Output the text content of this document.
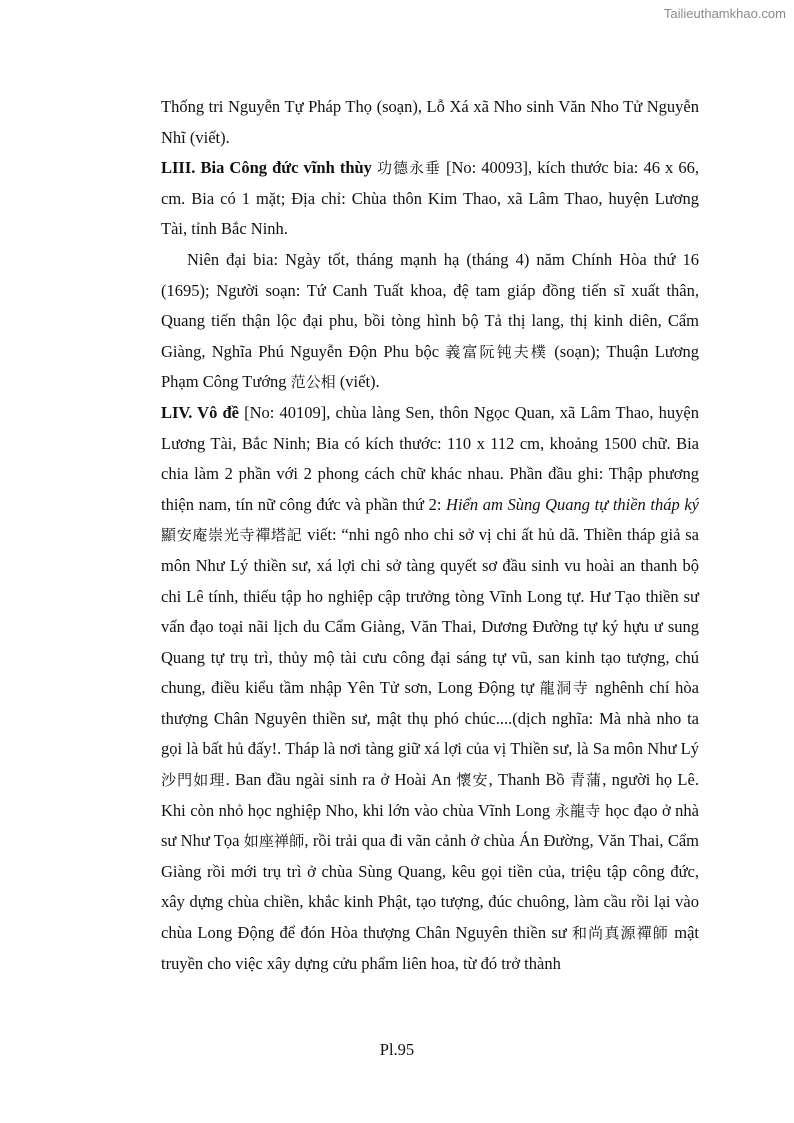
Tailieuthamkhao.com

Thống tri Nguyễn Tự Pháp Thọ (soạn), Lỗ Xá xã Nho sinh Văn Nho Tử Nguyễn Nhĩ (viết).

LIII. Bia Công đức vĩnh thùy 功德永垂 [No: 40093], kích thước bia: 46 x 66, cm. Bia có 1 mặt; Địa chỉ: Chùa thôn Kim Thao, xã Lâm Thao, huyện Lương Tài, tỉnh Bắc Ninh.

Niên đại bia: Ngày tốt, tháng mạnh hạ (tháng 4) năm Chính Hòa thứ 16 (1695); Người soạn: Tứ Canh Tuất khoa, đệ tam giáp đồng tiến sĩ xuất thân, Quang tiến thận lộc đại phu, bồi tòng hình bộ Tả thị lang, thị kinh diên, Cẩm Giàng, Nghĩa Phú Nguyễn Độn Phu bộc 義富阮钝夫樸 (soạn); Thuận Lương Phạm Công Tướng 范公相 (viết).

LIV. Vô đề [No: 40109], chùa làng Sen, thôn Ngọc Quan, xã Lâm Thao, huyện Lương Tài, Bắc Ninh; Bia có kích thước: 110 x 112 cm, khoảng 1500 chữ. Bia chia làm 2 phần với 2 phong cách chữ khác nhau. Phần đầu ghi: Thập phương thiện nam, tín nữ công đức và phần thứ 2: Hiển am Sùng Quang tự thiền tháp ký 顯安庵崇光寺禪塔記 viết: “nhi ngô nho chi sở vị chi ất hủ dã. Thiền tháp giả sa môn Như Lý thiền sư, xá lợi chi sở tàng quyết sơ đầu sinh vu hoài an thanh bộ chi Lê tính, thiếu tập ho nghiệp cập trưởng tòng Vĩnh Long tự. Hư Tạo thiền sư vấn đạo toại nãi lịch du Cẩm Giàng, Văn Thai, Dương Đường tự ký hựu ư sung Quang tự trụ trì, thủy mộ tài cưu công đại sáng tự vũ, san kinh tạo tượng, chú chung, điều kiểu tầm nhập Yên Tử sơn, Long Động tự 龍洞寺 nghênh chí hòa thượng Chân Nguyên thiền sư, mật thụ phó chúc....(dịch nghĩa: Mà nhà nho ta gọi là bất hủ đấy!. Tháp là nơi tàng giữ xá lợi của vị Thiền sư, là Sa môn Như Lý 沙門如理. Ban đầu ngài sinh ra ở Hoài An 懷安, Thanh Bồ 青蒲, người họ Lê. Khi còn nhỏ học nghiệp Nho, khi lớn vào chùa Vĩnh Long 永龍寺 học đạo ở nhà sư Như Tọa 如座禅師, rồi trải qua đi vãn cảnh ở chùa Án Đường, Văn Thai, Cẩm Giàng rồi mới trụ trì ở chùa Sùng Quang, kêu gọi tiền của, triệu tập công đức, xây dựng chùa chiền, khắc kinh Phật, tạo tượng, đúc chuông, làm cầu rồi lại vào chùa Long Động để đón Hòa thượng Chân Nguyên thiền sư 和尚真源禪師 mật truyền cho việc xây dựng cửu phẩm liên hoa, từ đó trở thành

Pl.95
